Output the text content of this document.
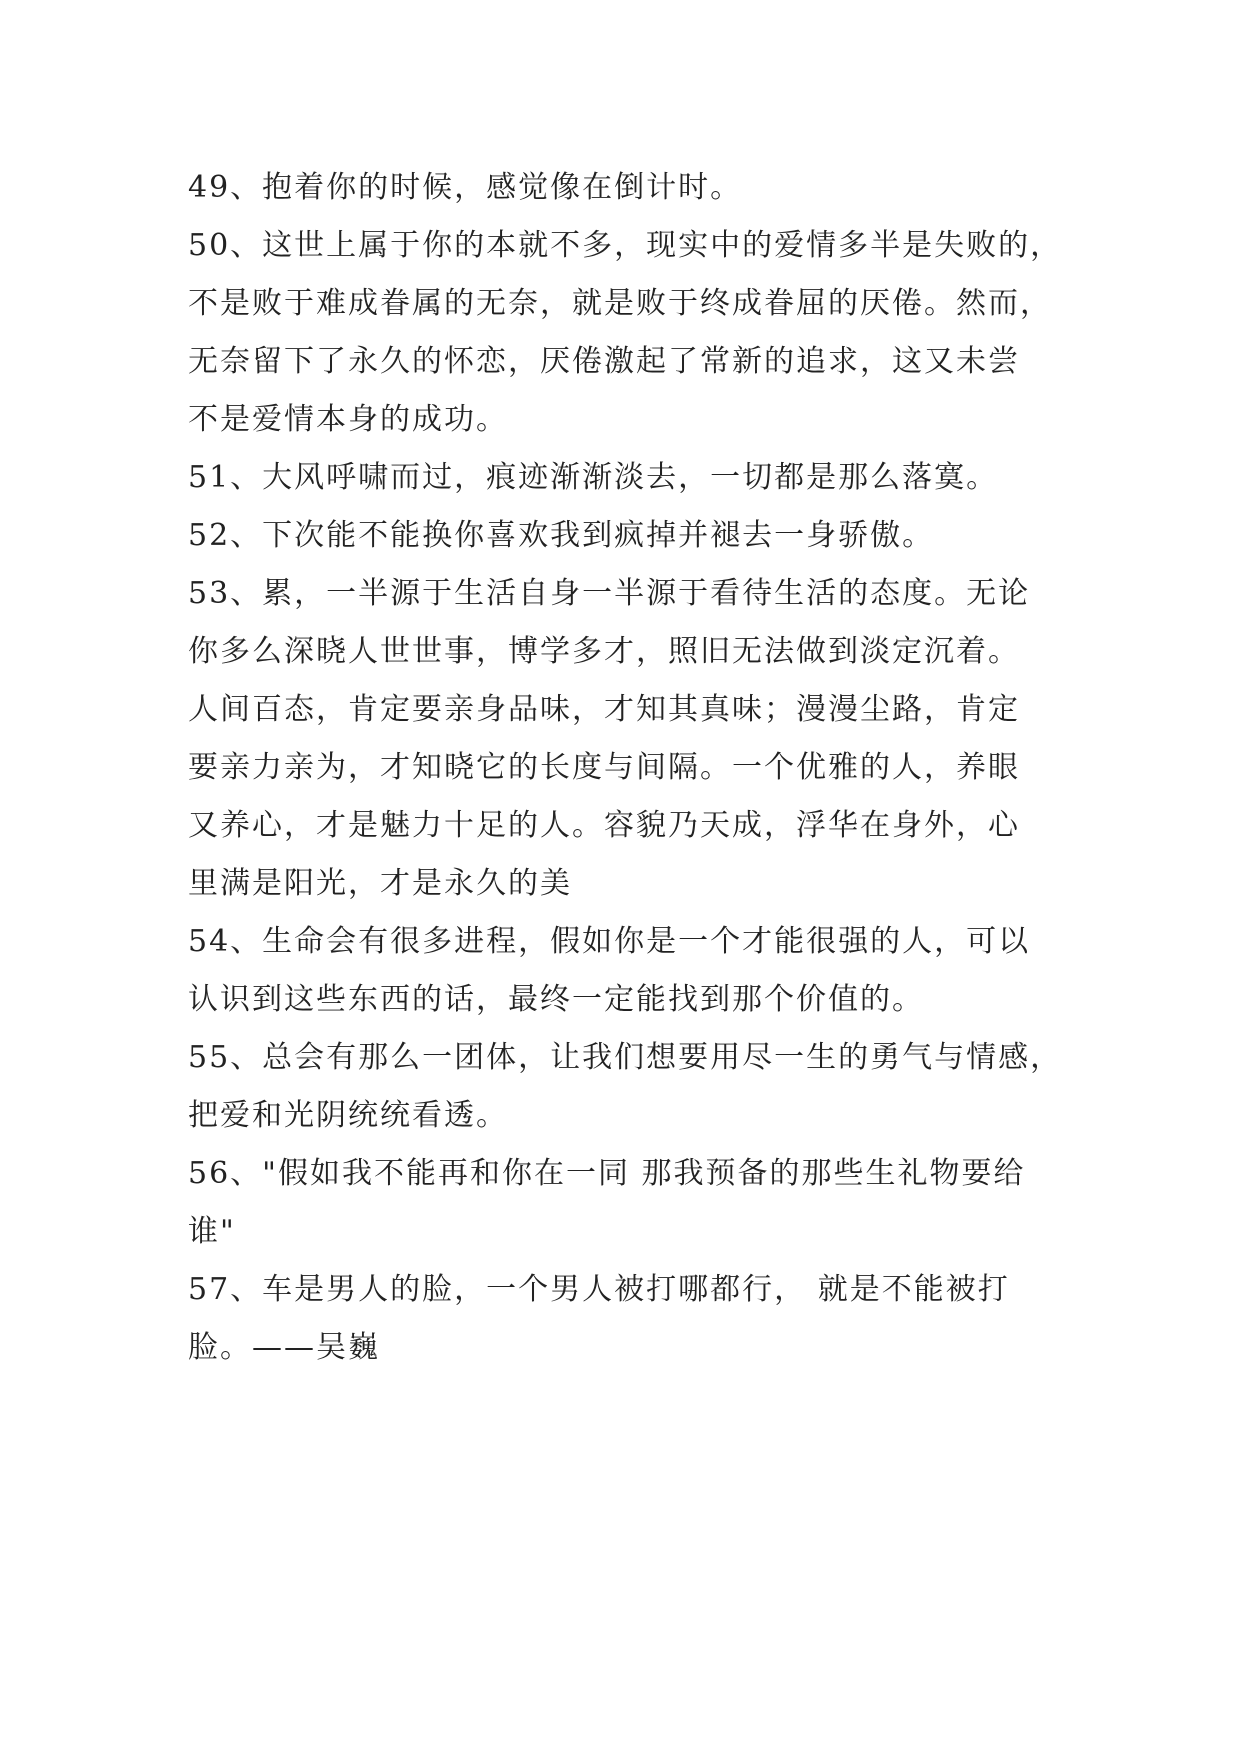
49、抱着你的时候，感觉像在倒计时。
50、这世上属于你的本就不多，现实中的爱情多半是失败的，
不是败于难成眷属的无奈，就是败于终成眷屈的厌倦。然而，
无奈留下了永久的怀恋，厌倦激起了常新的追求，这又未尝
不是爱情本身的成功。
51、大风呼啸而过，痕迹渐渐淡去，一切都是那么落寞。
52、下次能不能换你喜欢我到疯掉并褪去一身骄傲。
53、累，一半源于生活自身一半源于看待生活的态度。无论
你多么深晓人世世事，博学多才，照旧无法做到淡定沉着。
人间百态，肯定要亲身品味，才知其真味；漫漫尘路，肯定
要亲力亲为，才知晓它的长度与间隔。一个优雅的人，养眼
又养心，才是魅力十足的人。容貌乃天成，浮华在身外，心
里满是阳光，才是永久的美
54、生命会有很多进程，假如你是一个才能很强的人，可以
认识到这些东西的话，最终一定能找到那个价值的。
55、总会有那么一团体，让我们想要用尽一生的勇气与情感，
把爱和光阴统统看透。
56、"假如我不能再和你在一同 那我预备的那些生礼物要给
谁"
57、车是男人的脸，一个男人被打哪都行， 就是不能被打
脸。——吴巍
